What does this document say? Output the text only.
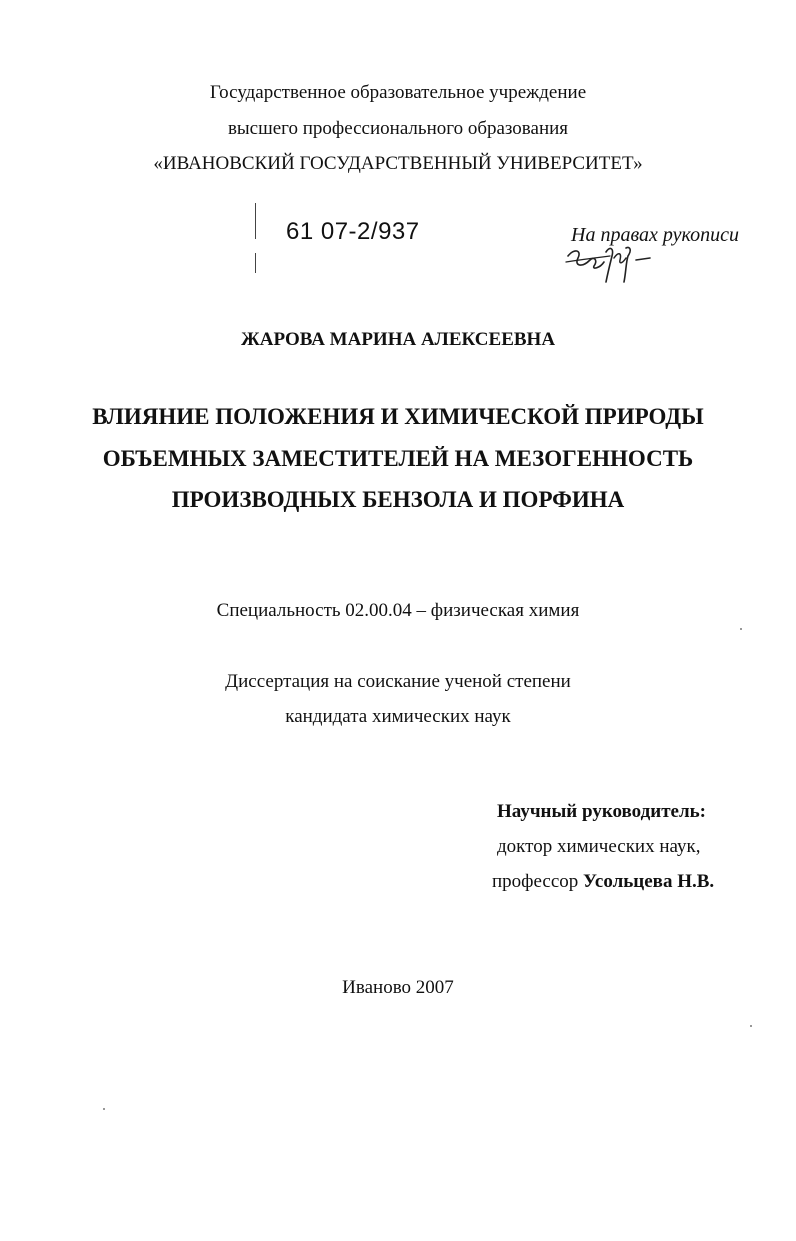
Государственное образовательное учреждение
высшего профессионального образования
«ИВАНОВСКИЙ ГОСУДАРСТВЕННЫЙ УНИВЕРСИТЕТ»
61 07-2/937	На правах рукописи
ЖАРОВА МАРИНА АЛЕКСЕЕВНА
ВЛИЯНИЕ ПОЛОЖЕНИЯ И ХИМИЧЕСКОЙ ПРИРОДЫ
ОБЪЕМНЫХ ЗАМЕСТИТЕЛЕЙ НА МЕЗОГЕННОСТЬ
ПРОИЗВОДНЫХ БЕНЗОЛА И ПОРФИНА
Специальность 02.00.04 – физическая химия
Диссертация на соискание ученой степени
кандидата химических наук
Научный руководитель:
доктор химических наук,
профессор Усольцева Н.В.
Иваново 2007
